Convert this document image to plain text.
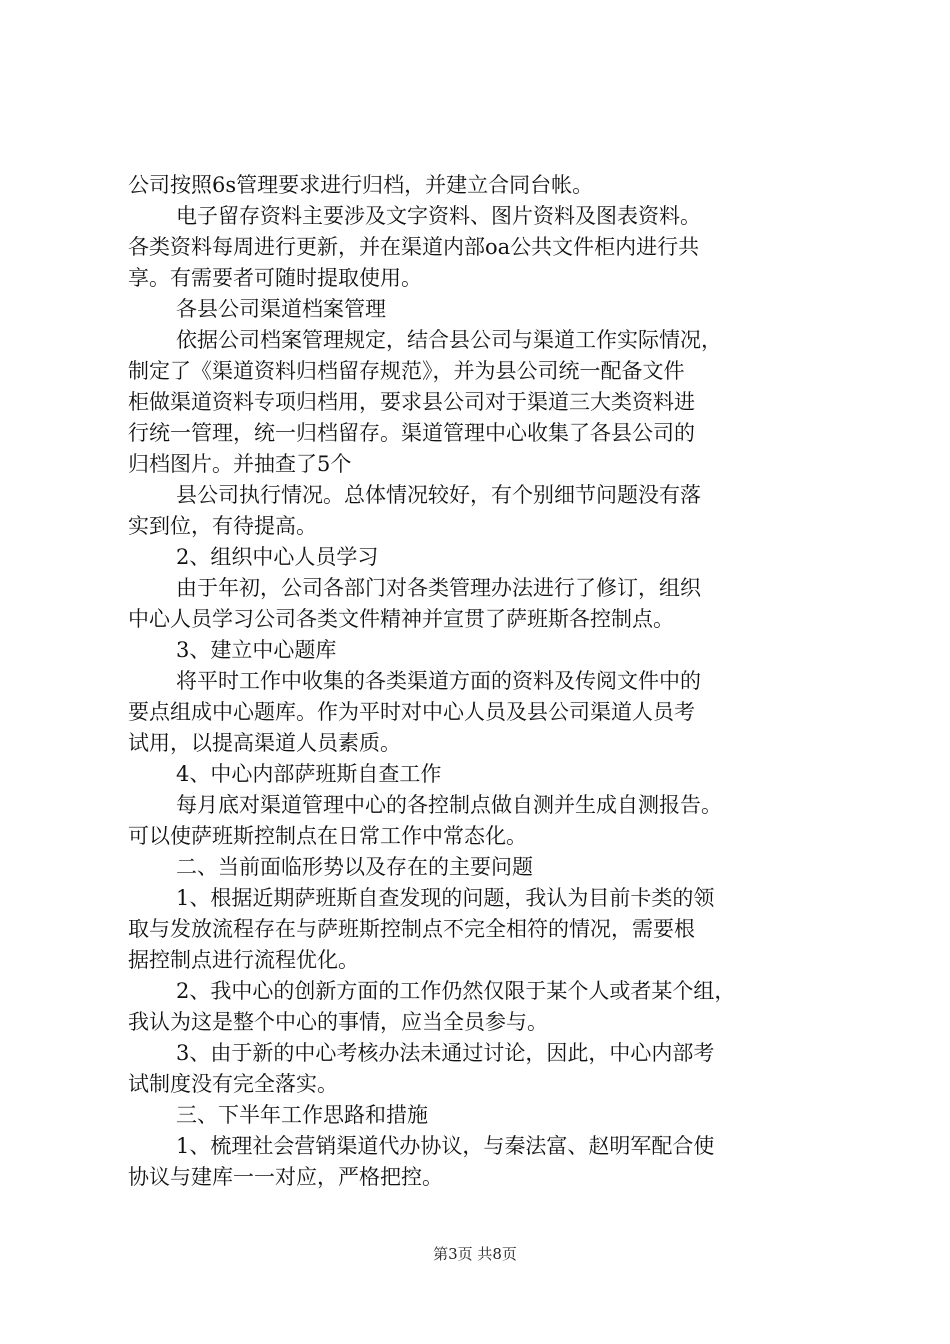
公司按照6s管理要求进行归档，并建立合同台帐。
电子留存资料主要涉及文字资料、图片资料及图表资料。
各类资料每周进行更新，并在渠道内部oa公共文件柜内进行共
享。有需要者可随时提取使用。
各县公司渠道档案管理
依据公司档案管理规定，结合县公司与渠道工作实际情况，
制定了《渠道资料归档留存规范》，并为县公司统一配备文件
柜做渠道资料专项归档用，要求县公司对于渠道三大类资料进
行统一管理，统一归档留存。渠道管理中心收集了各县公司的
归档图片。并抽查了5个
县公司执行情况。总体情况较好，有个别细节问题没有落
实到位，有待提高。
2、组织中心人员学习
由于年初，公司各部门对各类管理办法进行了修订，组织
中心人员学习公司各类文件精神并宣贯了萨班斯各控制点。
3、建立中心题库
将平时工作中收集的各类渠道方面的资料及传阅文件中的
要点组成中心题库。作为平时对中心人员及县公司渠道人员考
试用，以提高渠道人员素质。
4、中心内部萨班斯自查工作
每月底对渠道管理中心的各控制点做自测并生成自测报告。
可以使萨班斯控制点在日常工作中常态化。
二、当前面临形势以及存在的主要问题
1、根据近期萨班斯自查发现的问题，我认为目前卡类的领
取与发放流程存在与萨班斯控制点不完全相符的情况，需要根
据控制点进行流程优化。
2、我中心的创新方面的工作仍然仅限于某个人或者某个组，
我认为这是整个中心的事情，应当全员参与。
3、由于新的中心考核办法未通过讨论，因此，中心内部考
试制度没有完全落实。
三、下半年工作思路和措施
1、梳理社会营销渠道代办协议，与秦法富、赵明军配合使
协议与建库一一对应，严格把控。
第3页 共8页
